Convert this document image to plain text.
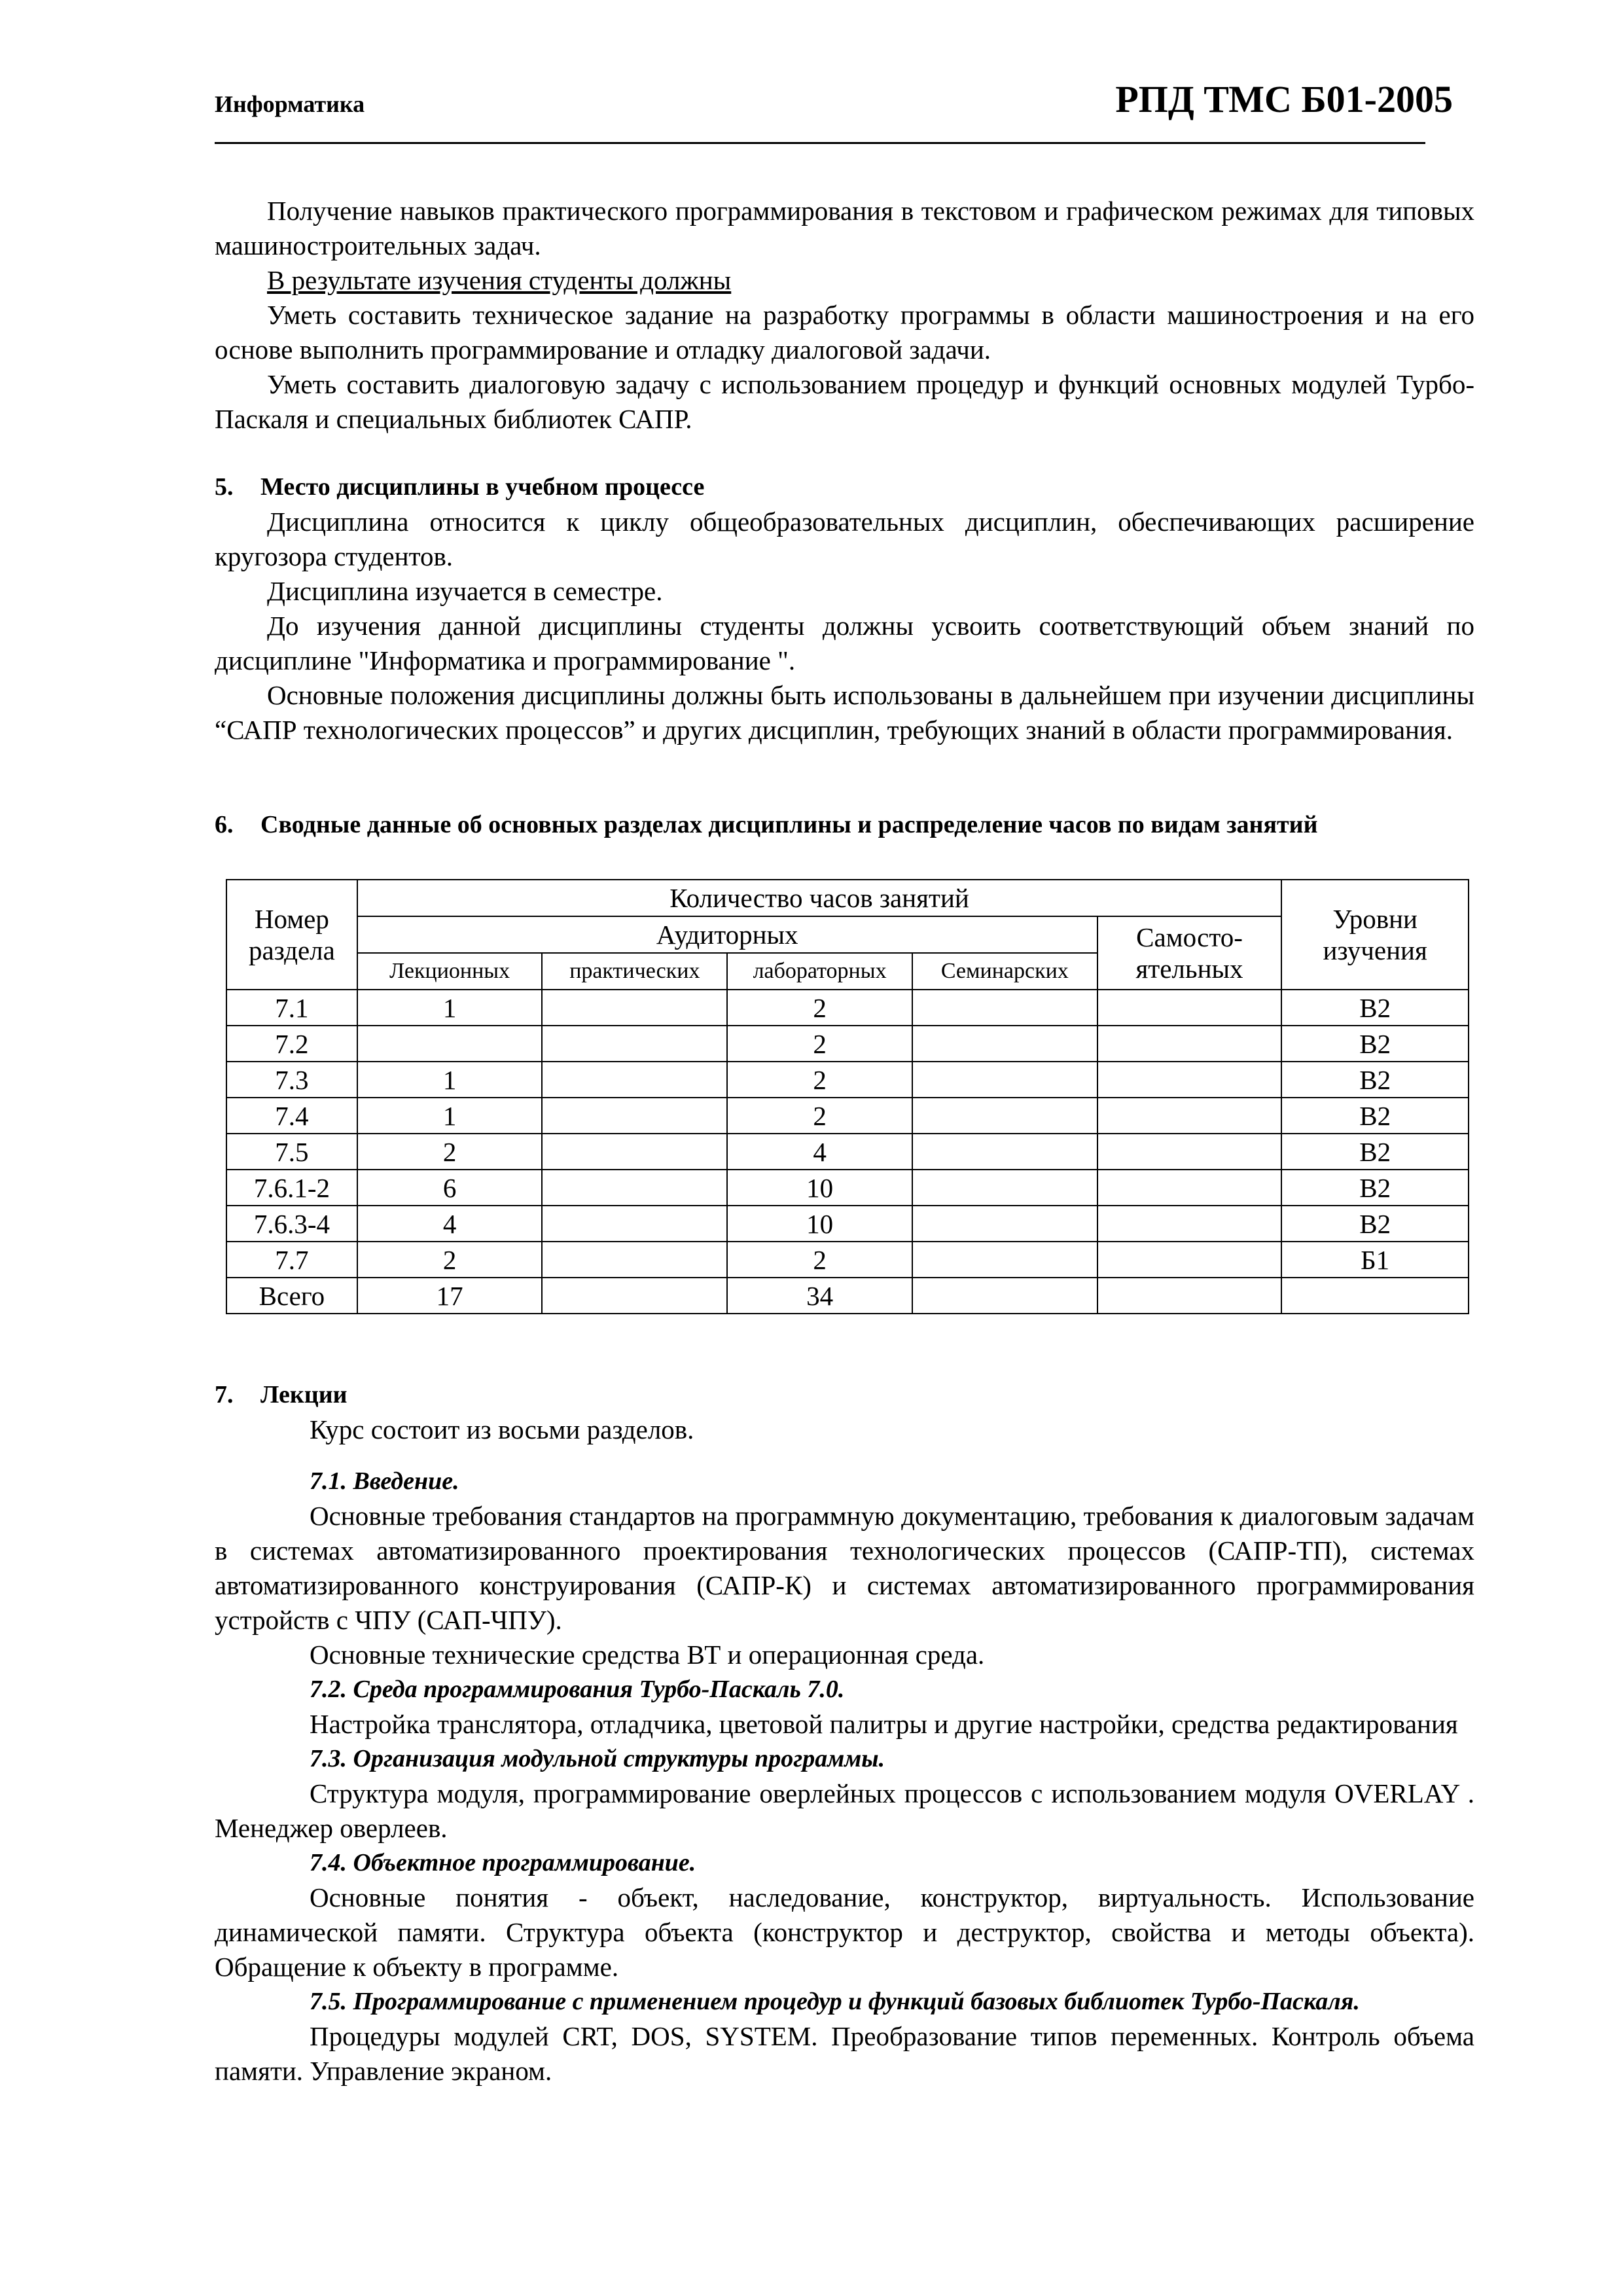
Информатика	РПД ТМС Б01-2005

Получение навыков практического программирования в текстовом и графическом режимах для типовых машиностроительных задач.

В результате изучения студенты должны

Уметь составить техническое задание на разработку программы в области машиностроения и на его основе выполнить программирование и отладку диалоговой задачи.

Уметь составить диалоговую задачу с использованием процедур и функций основных модулей Турбо-Паскаля и специальных библиотек САПР.

5. Место дисциплины в учебном процессе

Дисциплина относится к циклу общеобразовательных дисциплин, обеспечивающих расширение кругозора студентов.

Дисциплина изучается в семестре.

До изучения данной дисциплины студенты должны усвоить соответствующий объем знаний по дисциплине "Информатика и программирование ".

Основные положения дисциплины должны быть использованы в дальнейшем при изучении дисциплины “САПР технологических процессов” и других дисциплин, требующих знаний в области программирования.

6. Сводные данные об основных разделах дисциплины и распределение часов по видам занятий

Номер раздела	Количество часов занятий					Уровни изучения
	Аудиторных				Самосто-ятельных	
	Лекционных	практических	лабораторных	Семинарских		
7.1	1		2			В2
7.2			2			В2
7.3	1		2			В2
7.4	1		2			В2
7.5	2		4			В2
7.6.1-2	6		10			В2
7.6.3-4	4		10			В2
7.7	2		2			Б1
Всего	17		34			

7. Лекции

Курс состоит из восьми разделов.

7.1. Введение.

Основные требования стандартов на программную документацию, требования к диалоговым задачам в системах автоматизированного проектирования технологических процессов (САПР-ТП), системах автоматизированного конструирования (САПР-К) и системах автоматизированного программирования устройств с ЧПУ (САП-ЧПУ).

Основные технические средства ВТ и операционная среда.

7.2. Среда программирования Турбо-Паскаль 7.0.

Настройка транслятора, отладчика, цветовой палитры и другие настройки, средства редактирования

7.3. Организация модульной структуры программы.

Структура модуля, программирование оверлейных процессов с использованием модуля OVERLAY . Менеджер оверлеев.

7.4. Объектное программирование.

Основные понятия - объект, наследование, конструктор, виртуальность. Использование динамической памяти. Структура объекта (конструктор и деструктор, свойства и методы объекта). Обращение к объекту в программе.

7.5. Программирование с применением процедур и функций базовых библиотек Турбо-Паскаля.

Процедуры модулей CRT, DOS, SYSTEM. Преобразование типов переменных. Контроль объема памяти. Управление экраном.
